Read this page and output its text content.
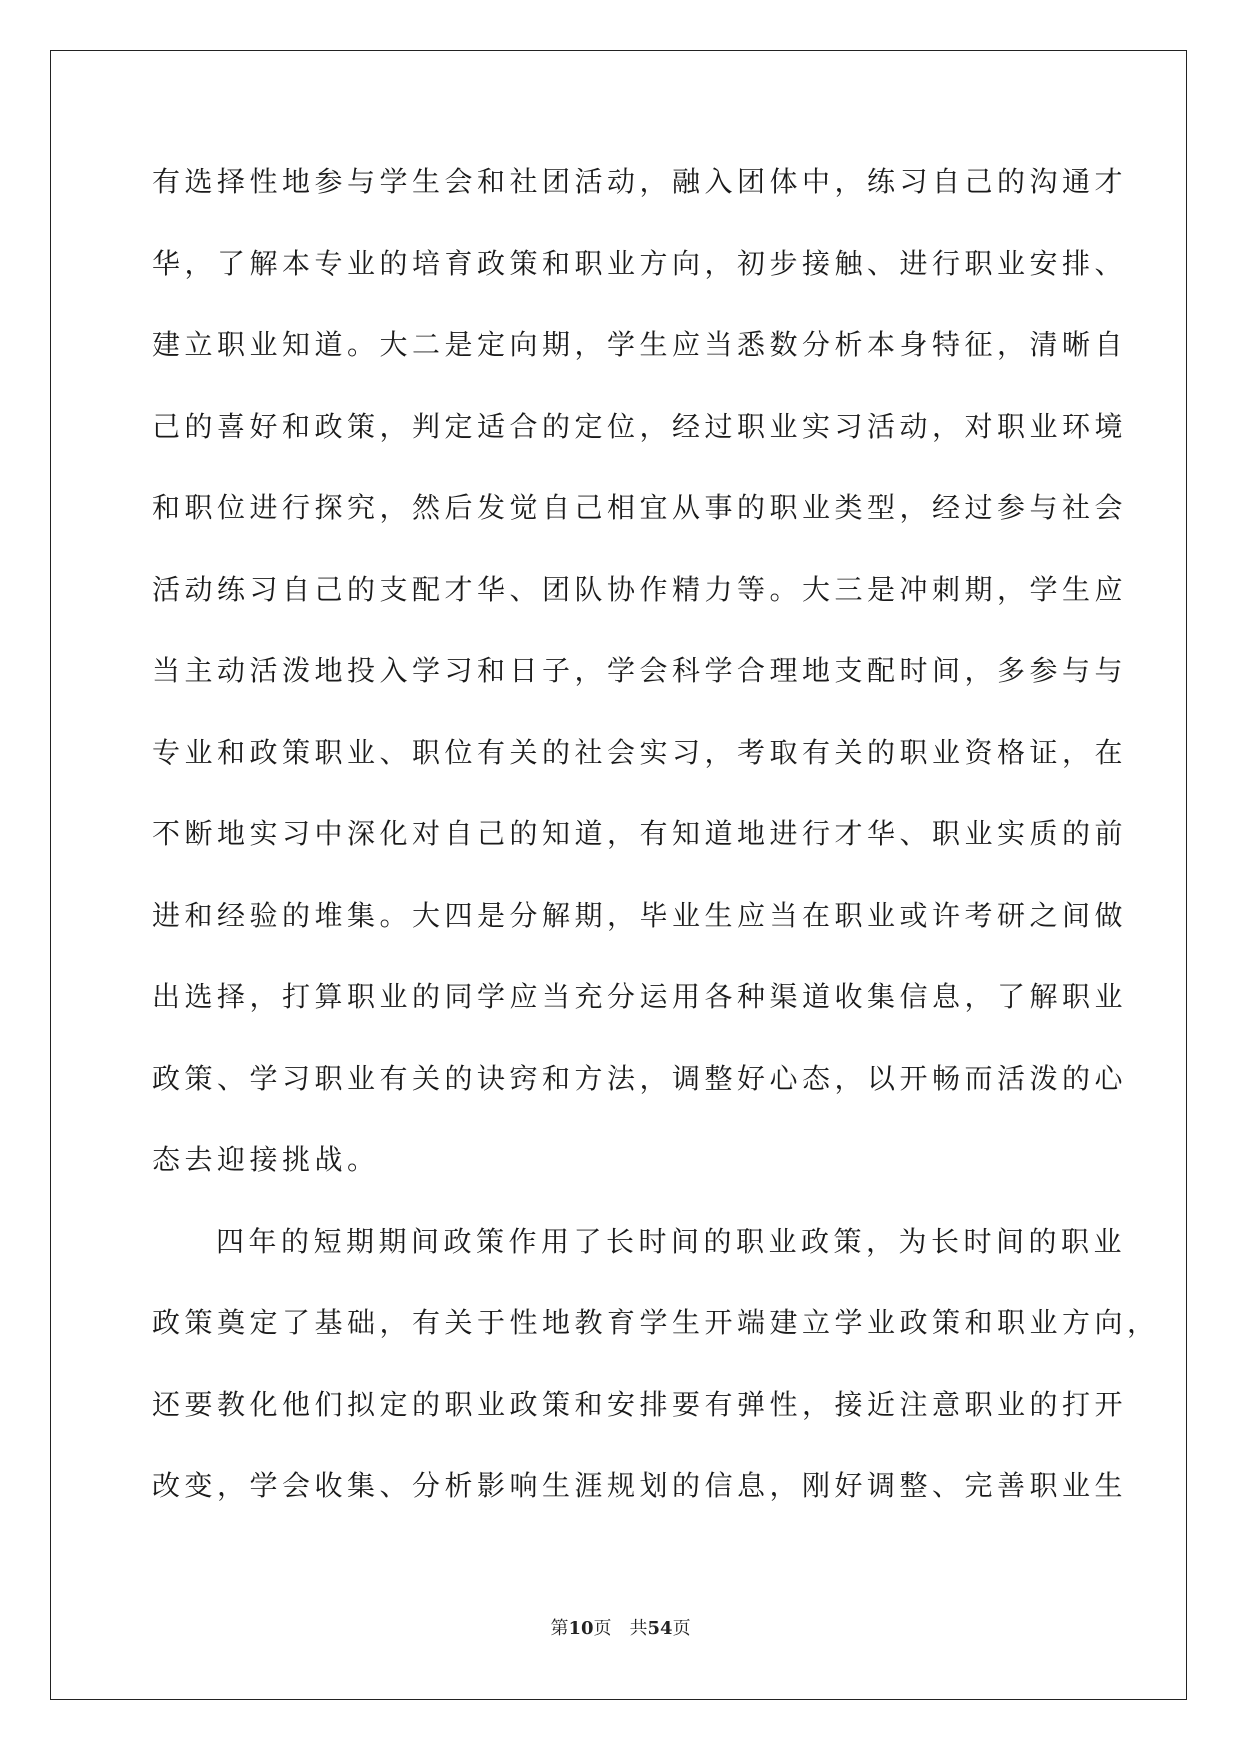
有选择性地参与学生会和社团活动，融入团体中，练习自己的沟通才
华，了解本专业的培育政策和职业方向，初步接触、进行职业安排、
建立职业知道。大二是定向期，学生应当悉数分析本身特征，清晰自
己的喜好和政策，判定适合的定位，经过职业实习活动，对职业环境
和职位进行探究，然后发觉自己相宜从事的职业类型，经过参与社会
活动练习自己的支配才华、团队协作精力等。大三是冲刺期，学生应
当主动活泼地投入学习和日子，学会科学合理地支配时间，多参与与
专业和政策职业、职位有关的社会实习，考取有关的职业资格证，在
不断地实习中深化对自己的知道，有知道地进行才华、职业实质的前
进和经验的堆集。大四是分解期，毕业生应当在职业或许考研之间做
出选择，打算职业的同学应当充分运用各种渠道收集信息，了解职业
政策、学习职业有关的诀窍和方法，调整好心态，以开畅而活泼的心
态去迎接挑战。
四年的短期期间政策作用了长时间的职业政策，为长时间的职业
政策奠定了基础，有关于性地教育学生开端建立学业政策和职业方向，
还要教化他们拟定的职业政策和安排要有弹性，接近注意职业的打开
改变，学会收集、分析影响生涯规划的信息，刚好调整、完善职业生
第10页 共54页
